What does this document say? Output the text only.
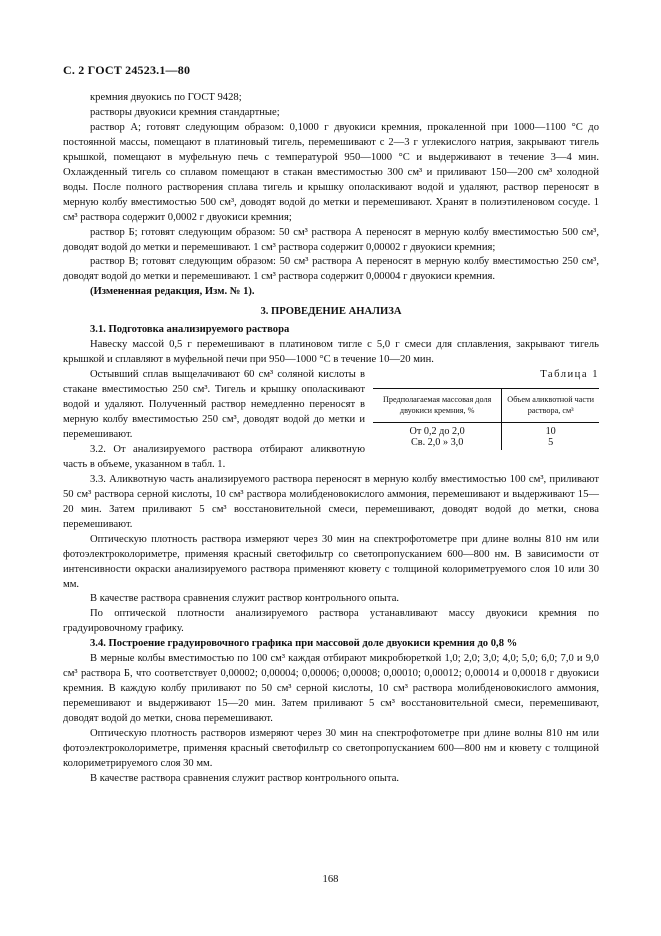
С. 2 ГОСТ 24523.1—80

кремния двуокись по ГОСТ 9428;

растворы двуокиси кремния стандартные;

раствор А; готовят следующим образом: 0,1000 г двуокиси кремния, прокаленной при 1000—1100 °С до постоянной массы, помещают в платиновый тигель, перемешивают с 2—3 г углекислого натрия, закрывают тигель крышкой, помещают в муфельную печь с температурой 950—1000 °С и выдерживают в течение 3—4 мин. Охлажденный тигель со сплавом помещают в стакан вместимостью 300 см³ и приливают 150—200 см³ холодной воды. После полного растворения сплава тигель и крышку ополаскивают водой и удаляют, раствор переносят в мерную колбу вместимостью 500 см³, доводят водой до метки и перемешивают. Хранят в полиэтиленовом сосуде. 1 см³ раствора содержит 0,0002 г двуокиси кремния;

раствор Б; готовят следующим образом: 50 см³ раствора А переносят в мерную колбу вместимостью 500 см³, доводят водой до метки и перемешивают. 1 см³ раствора содержит 0,00002 г двуокиси кремния;

раствор В; готовят следующим образом: 50 см³ раствора А переносят в мерную колбу вместимостью 250 см³, доводят водой до метки и перемешивают. 1 см³ раствора содержит 0,00004 г двуокиси кремния.

(Измененная редакция, Изм. № 1).

3. ПРОВЕДЕНИЕ АНАЛИЗА

3.1. Подготовка анализируемого раствора

Навеску массой 0,5 г перемешивают в платиновом тигле с 5,0 г смеси для сплавления, закрывают тигель крышкой и сплавляют в муфельной печи при 950—1000 °С в течение 10—20 мин.

Таблица 1
Предполагаемая массовая доля двуокиси кремния, %	Объем аликвотной части раствора, см³
От 0,2 до 2,0	10
Св. 2,0 » 3,0	5

Остывший сплав выщелачивают 60 см³ соляной кислоты в стакане вместимостью 250 см³. Тигель и крышку ополаскивают водой и удаляют. Полученный раствор немедленно переносят в мерную колбу вместимостью 250 см³, доводят водой до метки и перемешивают.

3.2. От анализируемого раствора отбирают аликвотную часть в объеме, указанном в табл. 1.

3.3. Аликвотную часть анализируемого раствора переносят в мерную колбу вместимостью 100 см³, приливают 50 см³ раствора серной кислоты, 10 см³ раствора молибденовокислого аммония, перемешивают и выдерживают 15—20 мин. Затем приливают 5 см³ восстановительной смеси, перемешивают, доводят водой до метки, снова перемешивают.

Оптическую плотность раствора измеряют через 30 мин на спектрофотометре при длине волны 810 нм или фотоэлектроколориметре, применяя красный светофильтр со светопропусканием 600—800 нм. В зависимости от интенсивности окраски анализируемого раствора применяют кювету с толщиной колориметруемого слоя 10 или 30 мм.

В качестве раствора сравнения служит раствор контрольного опыта.

По оптической плотности анализируемого раствора устанавливают массу двуокиси кремния по градуировочному графику.

3.4. Построение градуировочного графика при массовой доле двуокиси кремния до 0,8 %

В мерные колбы вместимостью по 100 см³ каждая отбирают микробюреткой 1,0; 2,0; 3,0; 4,0; 5,0; 6,0; 7,0 и 9,0 см³ раствора Б, что соответствует 0,00002; 0,00004; 0,00006; 0,00008; 0,00010; 0,00012; 0,00014 и 0,00018 г двуокиси кремния. В каждую колбу приливают по 50 см³ серной кислоты, 10 см³ раствора молибденовокислого аммония, перемешивают и выдерживают 15—20 мин. Затем приливают 5 см³ восстановительной смеси, перемешивают, доводят водой до метки, снова перемешивают.

Оптическую плотность растворов измеряют через 30 мин на спектрофотометре при длине волны 810 нм или фотоэлектроколориметре, применяя красный светофильтр со светопропусканием 600—800 нм и кювету с толщиной колориметрируемого слоя 30 мм.

В качестве раствора сравнения служит раствор контрольного опыта.

168
